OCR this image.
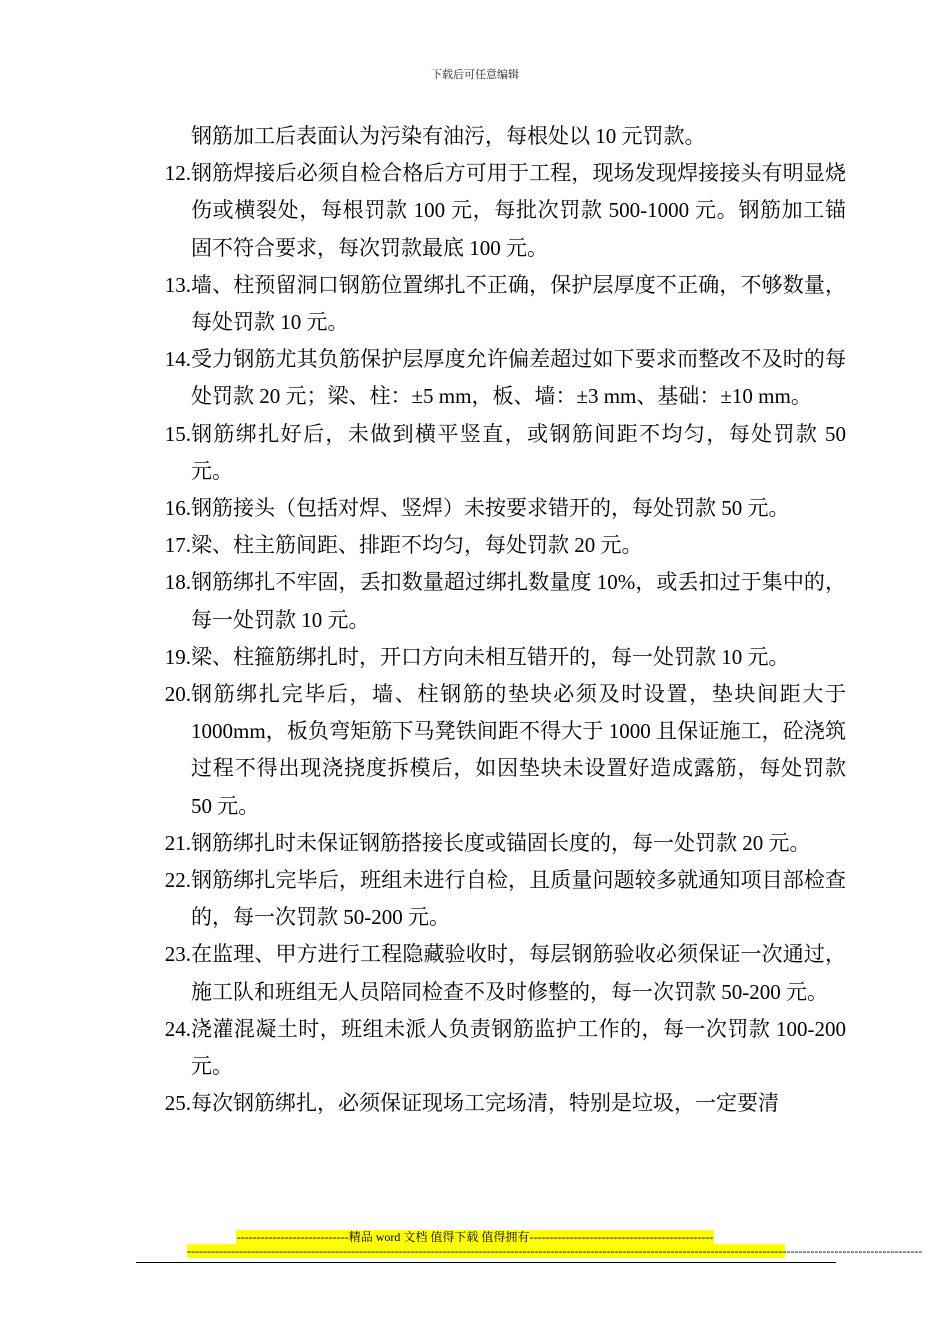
下载后可任意编辑
钢筋加工后表面认为污染有油污，每根处以 10 元罚款。
12. 钢筋焊接后必须自检合格后方可用于工程，现场发现焊接接头有明显烧伤或横裂处，每根罚款 100 元，每批次罚款 500-1000 元。钢筋加工锚固不符合要求，每次罚款最底 100 元。
13. 墙、柱预留洞口钢筋位置绑扎不正确，保护层厚度不正确，不够数量，每处罚款 10 元。
14. 受力钢筋尤其负筋保护层厚度允许偏差超过如下要求而整改不及时的每处罚款 20 元；梁、柱：±5 mm，板、墙：±3 mm、基础：±10 mm。
15. 钢筋绑扎好后，未做到横平竖直，或钢筋间距不均匀，每处罚款 50 元。
16. 钢筋接头（包括对焊、竖焊）未按要求错开的，每处罚款 50 元。
17. 梁、柱主筋间距、排距不均匀，每处罚款 20 元。
18. 钢筋绑扎不牢固，丢扣数量超过绑扎数量度 10%，或丢扣过于集中的，每一处罚款 10 元。
19. 梁、柱箍筋绑扎时，开口方向未相互错开的，每一处罚款 10 元。
20. 钢筋绑扎完毕后，墙、柱钢筋的垫块必须及时设置，垫块间距大于 1000mm，板负弯矩筋下马凳铁间距不得大于 1000 且保证施工，砼浇筑过程不得出现浇挠度拆模后，如因垫块未设置好造成露筋，每处罚款 50 元。
21. 钢筋绑扎时未保证钢筋搭接长度或锚固长度的，每一处罚款 20 元。
22. 钢筋绑扎完毕后，班组未进行自检，且质量问题较多就通知项目部检查的，每一次罚款 50-200 元。
23. 在监理、甲方进行工程隐藏验收时，每层钢筋验收必须保证一次通过，施工队和班组无人员陪同检查不及时修整的，每一次罚款 50-200 元。
24. 浇灌混凝土时，班组未派人负责钢筋监护工作的，每一次罚款 100-200 元。
25. 每次钢筋绑扎，必须保证现场工完场清，特别是垃圾，一定要清
----------------------------精品 word 文档 值得下载 值得拥有----------------------------------------------
----------------------------------------------------------------------------------------------------------------------------------------------------------------------------------------
